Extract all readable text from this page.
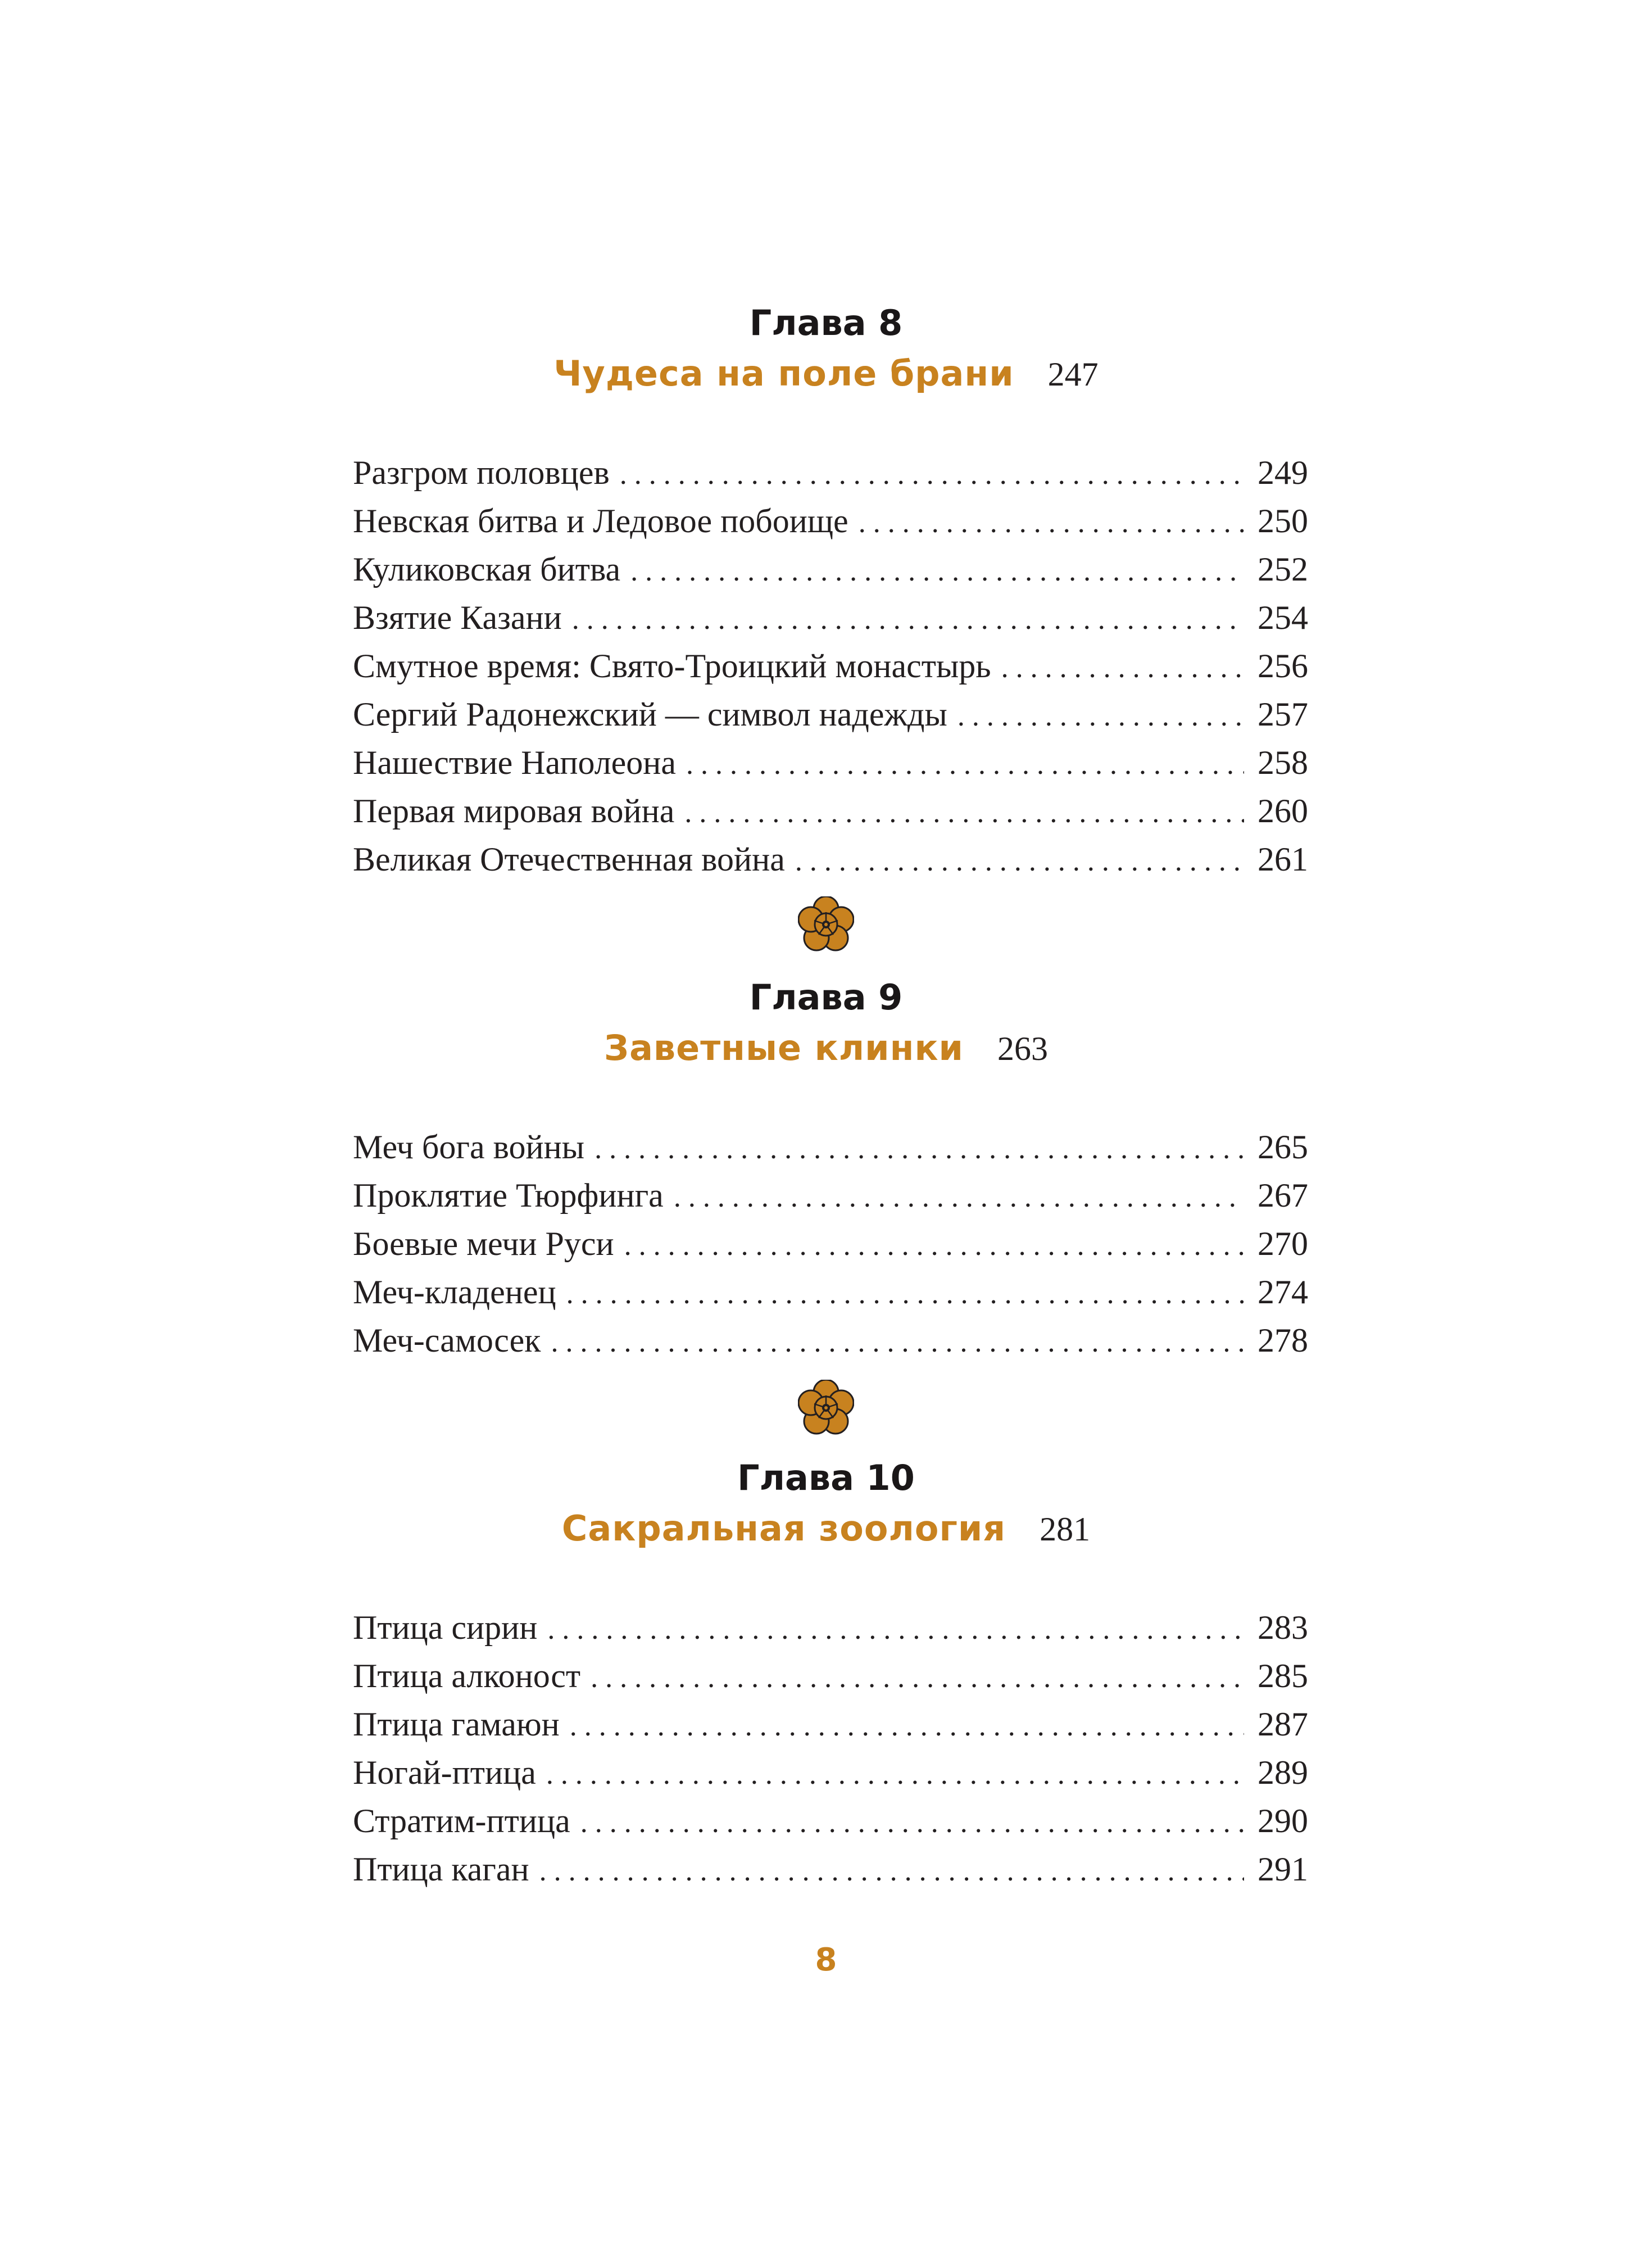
Глава 8
Чудеса на поле брани 247
Разгром половцев . . .	249
Невская битва и Ледовое побоище . . .	250
Куликовская битва . . .	252
Взятие Казани . . .	254
Смутное время: Свято-Троицкий монастырь . . .	256
Сергий Радонежский — символ надежды . . .	257
Нашествие Наполеона . . .	258
Первая мировая война . . .	260
Великая Отечественная война . . .	261
Глава 9
Заветные клинки 263
Меч бога войны . . .	265
Проклятие Тюрфинга . . .	267
Боевые мечи Руси . . .	270
Меч-кладенец . . .	274
Меч-самосек . . .	278
Глава 10
Сакральная зоология 281
Птица сирин . . .	283
Птица алконост . . .	285
Птица гамаюн . . .	287
Ногай-птица . . .	289
Стратим-птица . . .	290
Птица каган . . .	291
8
